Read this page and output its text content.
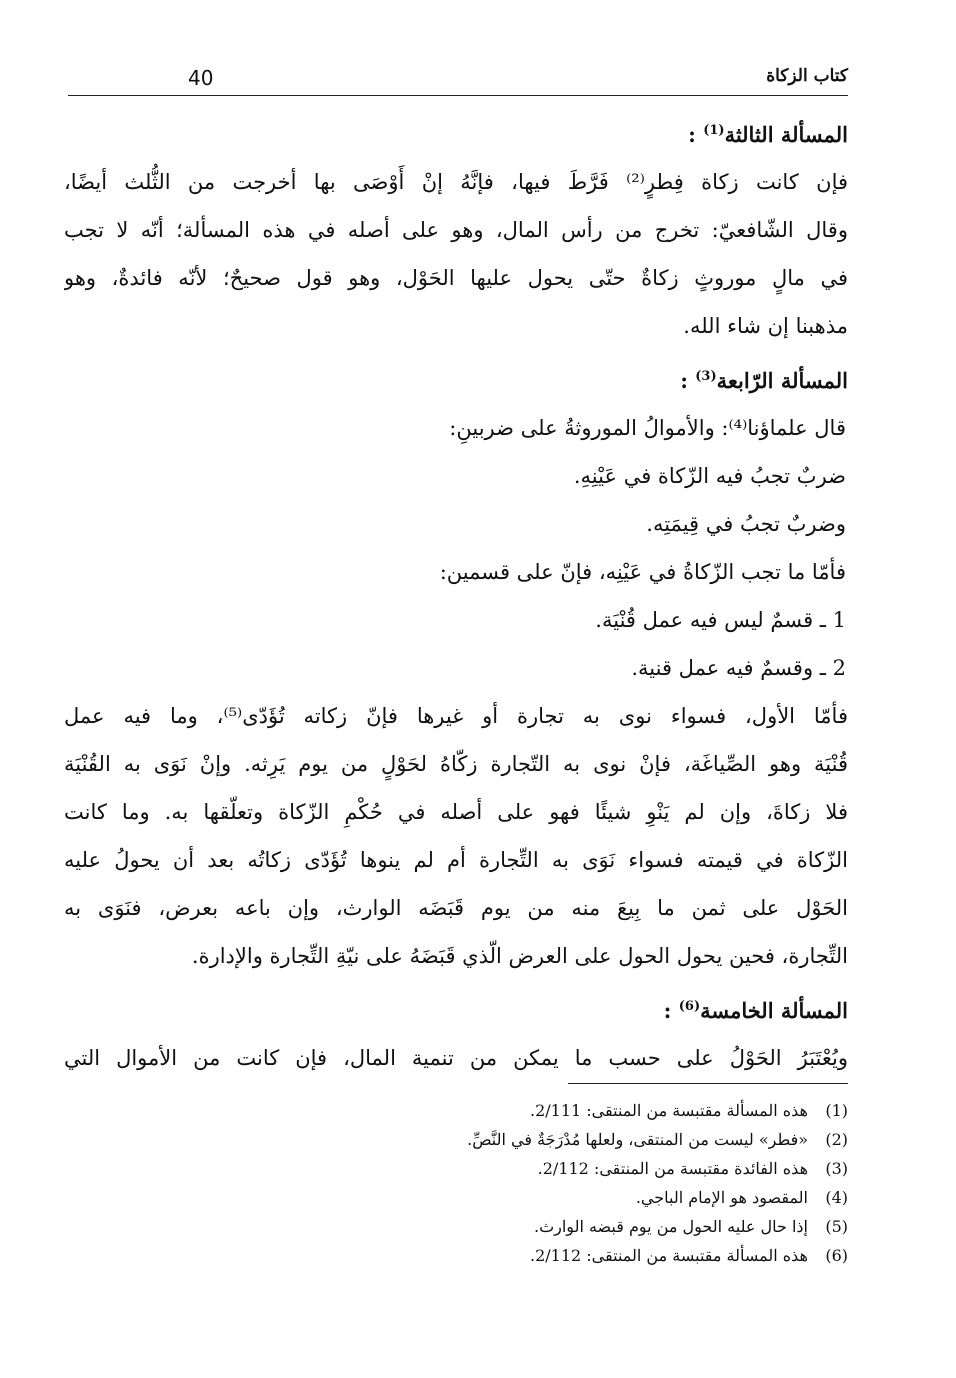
40	كتاب الزكاة
المسألة الثالثة$^{(1)}$ :
فإن كانت زكاة فِطرٍ⁽²⁾ فَرَّطَ فيها، فإنَّهُ إنْ أَوْصَى بها أخرجت من الثُّلث أيضًا،
وقال الشّافعيّ: تخرج من رأس المال، وهو على أصله في هذه المسألة؛ أنّه لا تجب
في مالٍ موروثٍ زكاةٌ حتّى يحول عليها الحَوْل، وهو قول صحيحٌ؛ لأنّه فائدةٌ، وهو
مذهبنا إن شاء الله.
المسألة الرّابعة$^{(3)}$ :
قال علماؤنا⁽⁴⁾: والأموالُ الموروثةُ على ضربينِ:
ضربٌ تجبُ فيه الزّكاة في عَيْنِهِ.
وضربٌ تجبُ في قِيمَتِه.
فأمّا ما تجب الزّكاةُ في عَيْنِه، فإنّ على قسمين:
1 ـ قسمٌ ليس فيه عمل قُنْيَة.
2 ـ وقسمٌ فيه عمل قنية.
فأمّا الأول، فسواء نوى به تجارة أو غيرها فإنّ زكاته تُؤَدّى⁽⁵⁾، وما فيه عمل
قُنْيَة وهو الصِّياغَة، فإنْ نوى به التّجارة زكّاهُ لحَوْلٍ من يوم يَرِثه. وإنْ نَوَى به القُنْيَة
فلا زكاةَ، وإن لم يَنْوِ شيئًا فهو على أصله في حُكْمِ الزّكاة وتعلّقها به. وما كانت
الزّكاة في قيمته فسواء نَوَى به التِّجارة أم لم ينوها تُؤَدّى زكاتُه بعد أن يحولُ عليه
الحَوْل على ثمن ما بِيعَ منه من يوم قَبَضَه الوارث، وإن باعه بعرض، فنَوَى به
التِّجارة، فحين يحول الحول على العرض الّذي قَبَضَهُ على نيّةِ التِّجارة والإدارة.
المسألة الخامسة$^{(6)}$ :
ويُعْتَبَرُ الحَوْلُ على حسب ما يمكن من تنمية المال، فإن كانت من الأموال التي
(1)هذه المسألة مقتبسة من المنتقى: 2/111.
(2)«فطر» ليست من المنتقى، ولعلها مُدْرَجَةٌ في النَّصِّ.
(3)هذه الفائدة مقتبسة من المنتقى: 2/112.
(4)المقصود هو الإمام الباجي.
(5)إذا حال عليه الحول من يوم قبضه الوارث.
(6)هذه المسألة مقتبسة من المنتقى: 2/112.
